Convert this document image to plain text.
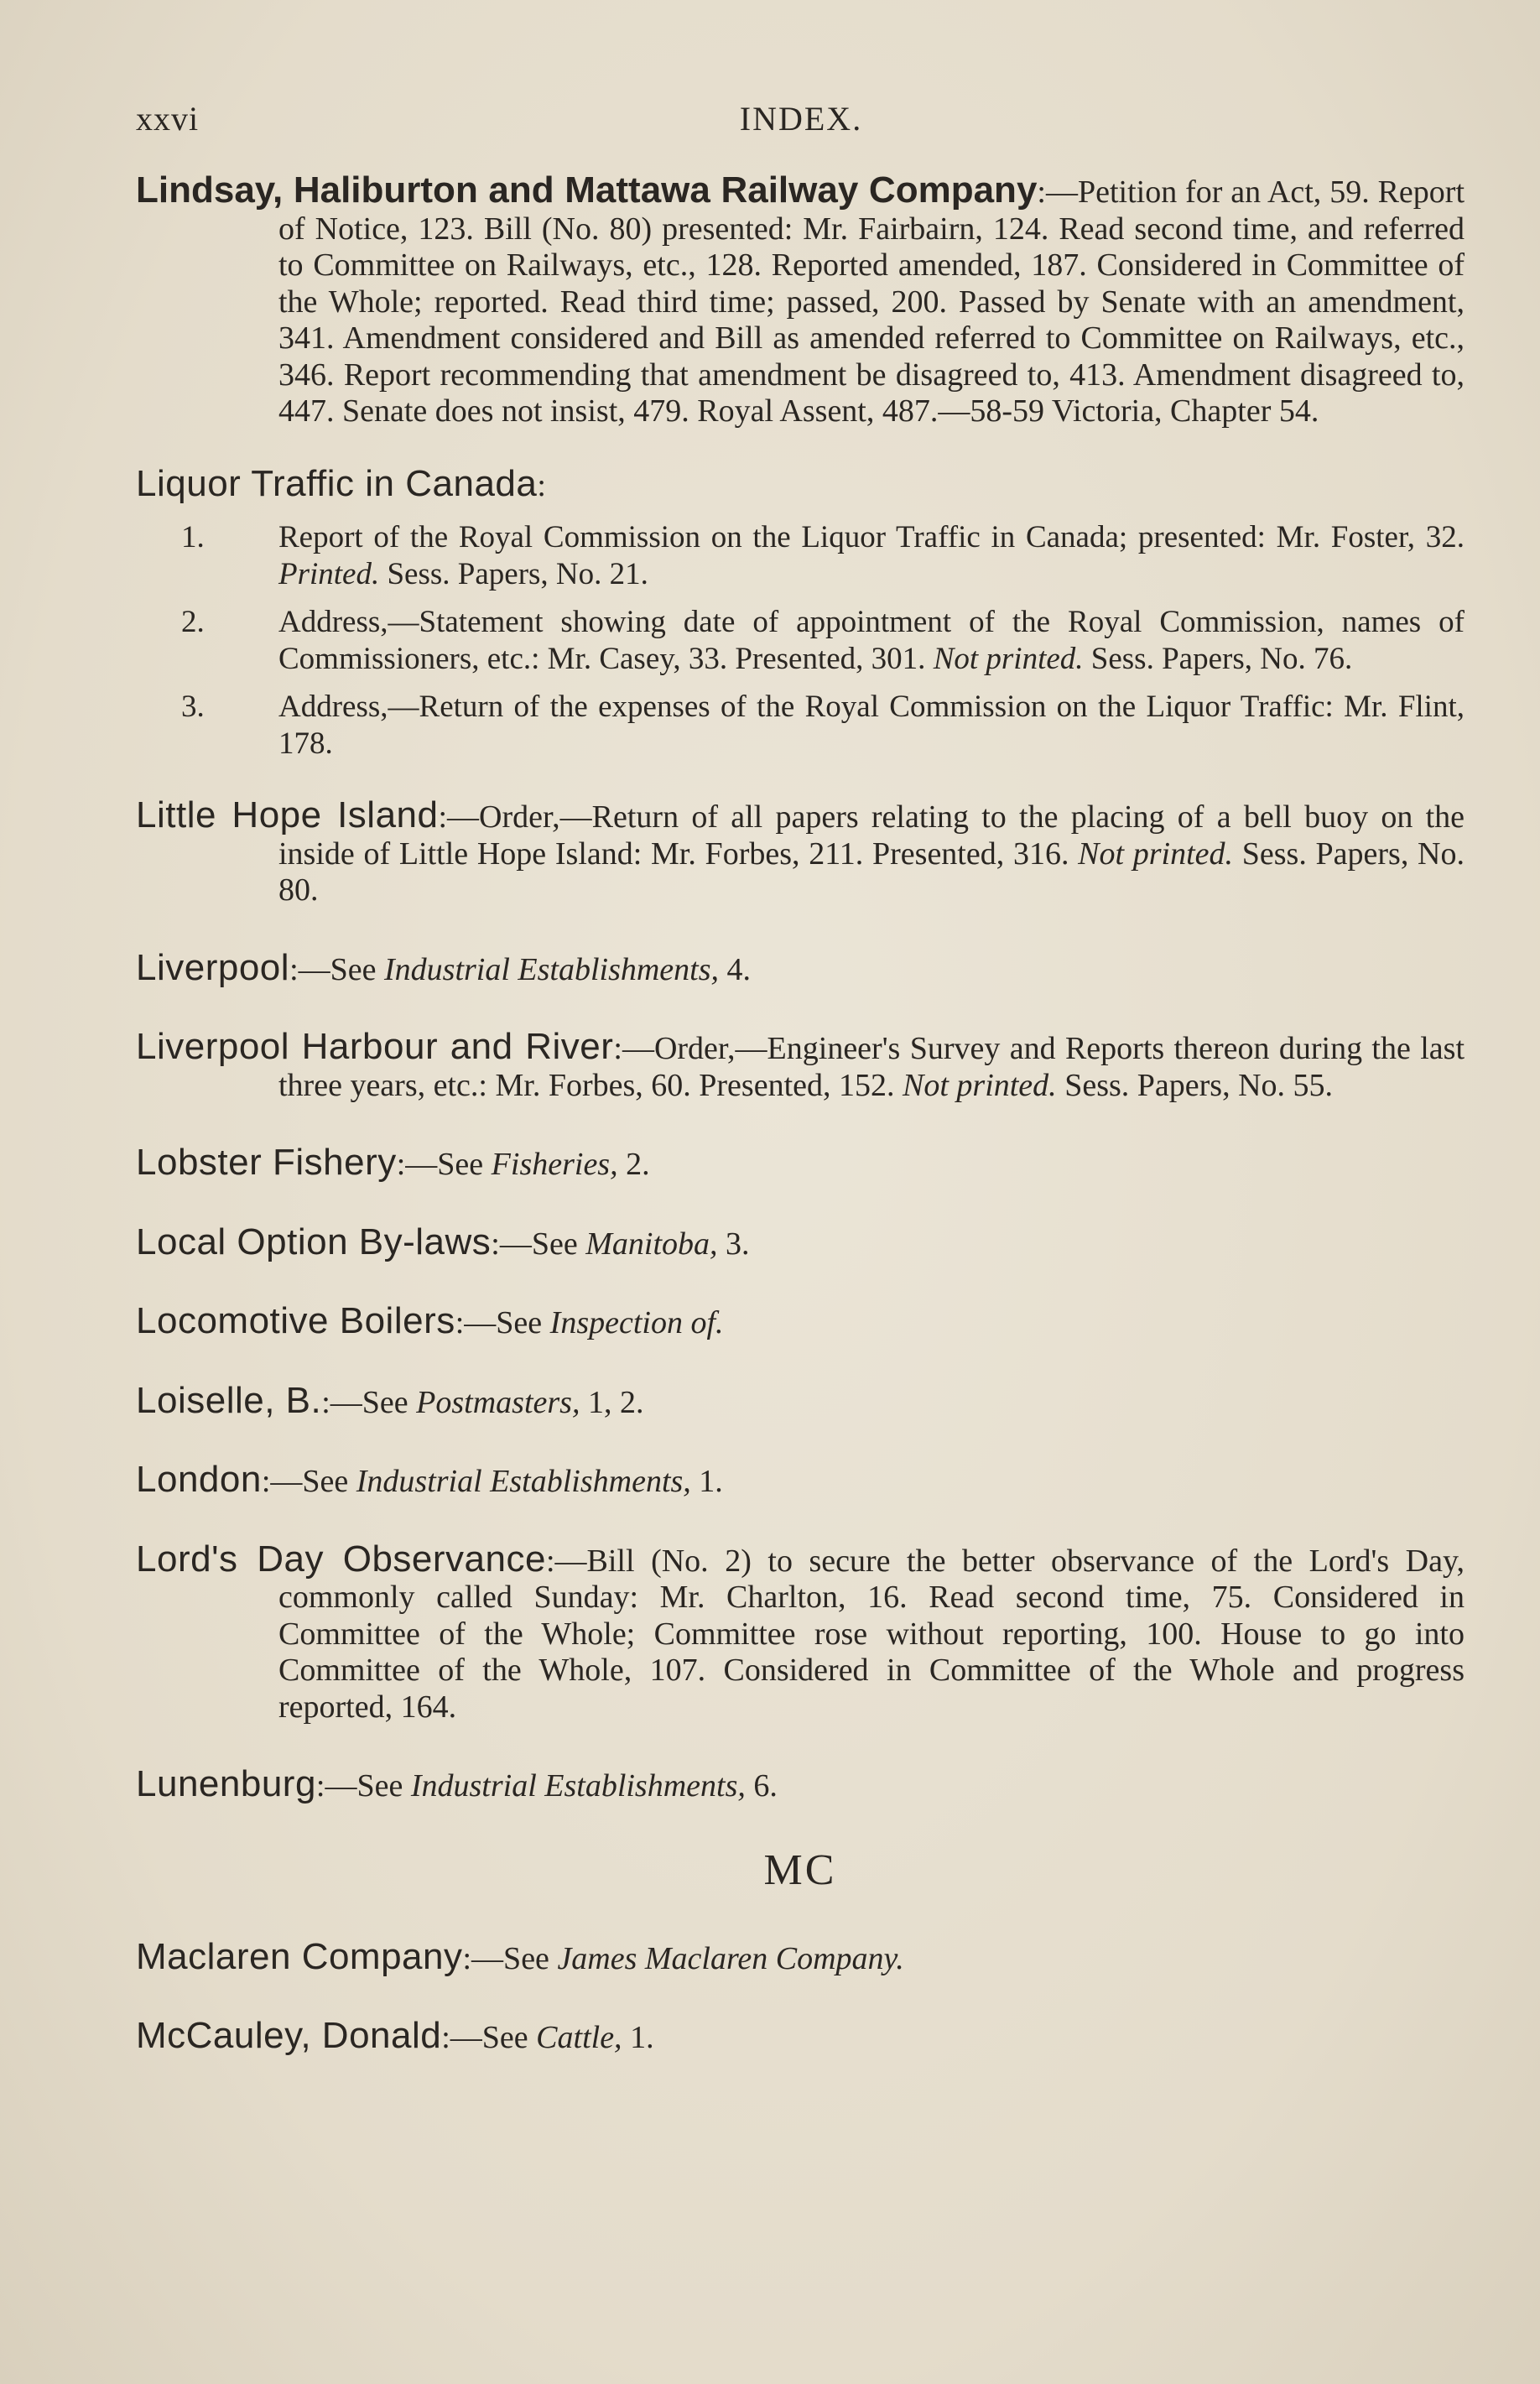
xxvi	INDEX.

Lindsay, Haliburton and Mattawa Railway Company:—Petition for an Act, 59. Report of Notice, 123. Bill (No. 80) presented: Mr. Fairbairn, 124. Read second time, and referred to Committee on Railways, etc., 128. Reported amended, 187. Considered in Committee of the Whole; reported. Read third time; passed, 200. Passed by Senate with an amendment, 341. Amendment considered and Bill as amended referred to Committee on Railways, etc., 346. Report recommending that amendment be disagreed to, 413. Amendment disagreed to, 447. Senate does not insist, 479. Royal Assent, 487.—58-59 Victoria, Chapter 54.

Liquor Traffic in Canada:

1. Report of the Royal Commission on the Liquor Traffic in Canada; presented: Mr. Foster, 32. Printed. Sess. Papers, No. 21.

2. Address,—Statement showing date of appointment of the Royal Commission, names of Commissioners, etc.: Mr. Casey, 33. Presented, 301. Not printed. Sess. Papers, No. 76.

3. Address,—Return of the expenses of the Royal Commission on the Liquor Traffic: Mr. Flint, 178.

Little Hope Island:—Order,—Return of all papers relating to the placing of a bell buoy on the inside of Little Hope Island: Mr. Forbes, 211. Presented, 316. Not printed. Sess. Papers, No. 80.

Liverpool:—See Industrial Establishments, 4.

Liverpool Harbour and River:—Order,—Engineer's Survey and Reports thereon during the last three years, etc.: Mr. Forbes, 60. Presented, 152. Not printed. Sess. Papers, No. 55.

Lobster Fishery:—See Fisheries, 2.

Local Option By-laws:—See Manitoba, 3.

Locomotive Boilers:—See Inspection of.

Loiselle, B.:—See Postmasters, 1, 2.

London:—See Industrial Establishments, 1.

Lord's Day Observance:—Bill (No. 2) to secure the better observance of the Lord's Day, commonly called Sunday: Mr. Charlton, 16. Read second time, 75. Considered in Committee of the Whole; Committee rose without reporting, 100. House to go into Committee of the Whole, 107. Considered in Committee of the Whole and progress reported, 164.

Lunenburg:—See Industrial Establishments, 6.

MC

Maclaren Company:—See James Maclaren Company.

McCauley, Donald:—See Cattle, 1.
